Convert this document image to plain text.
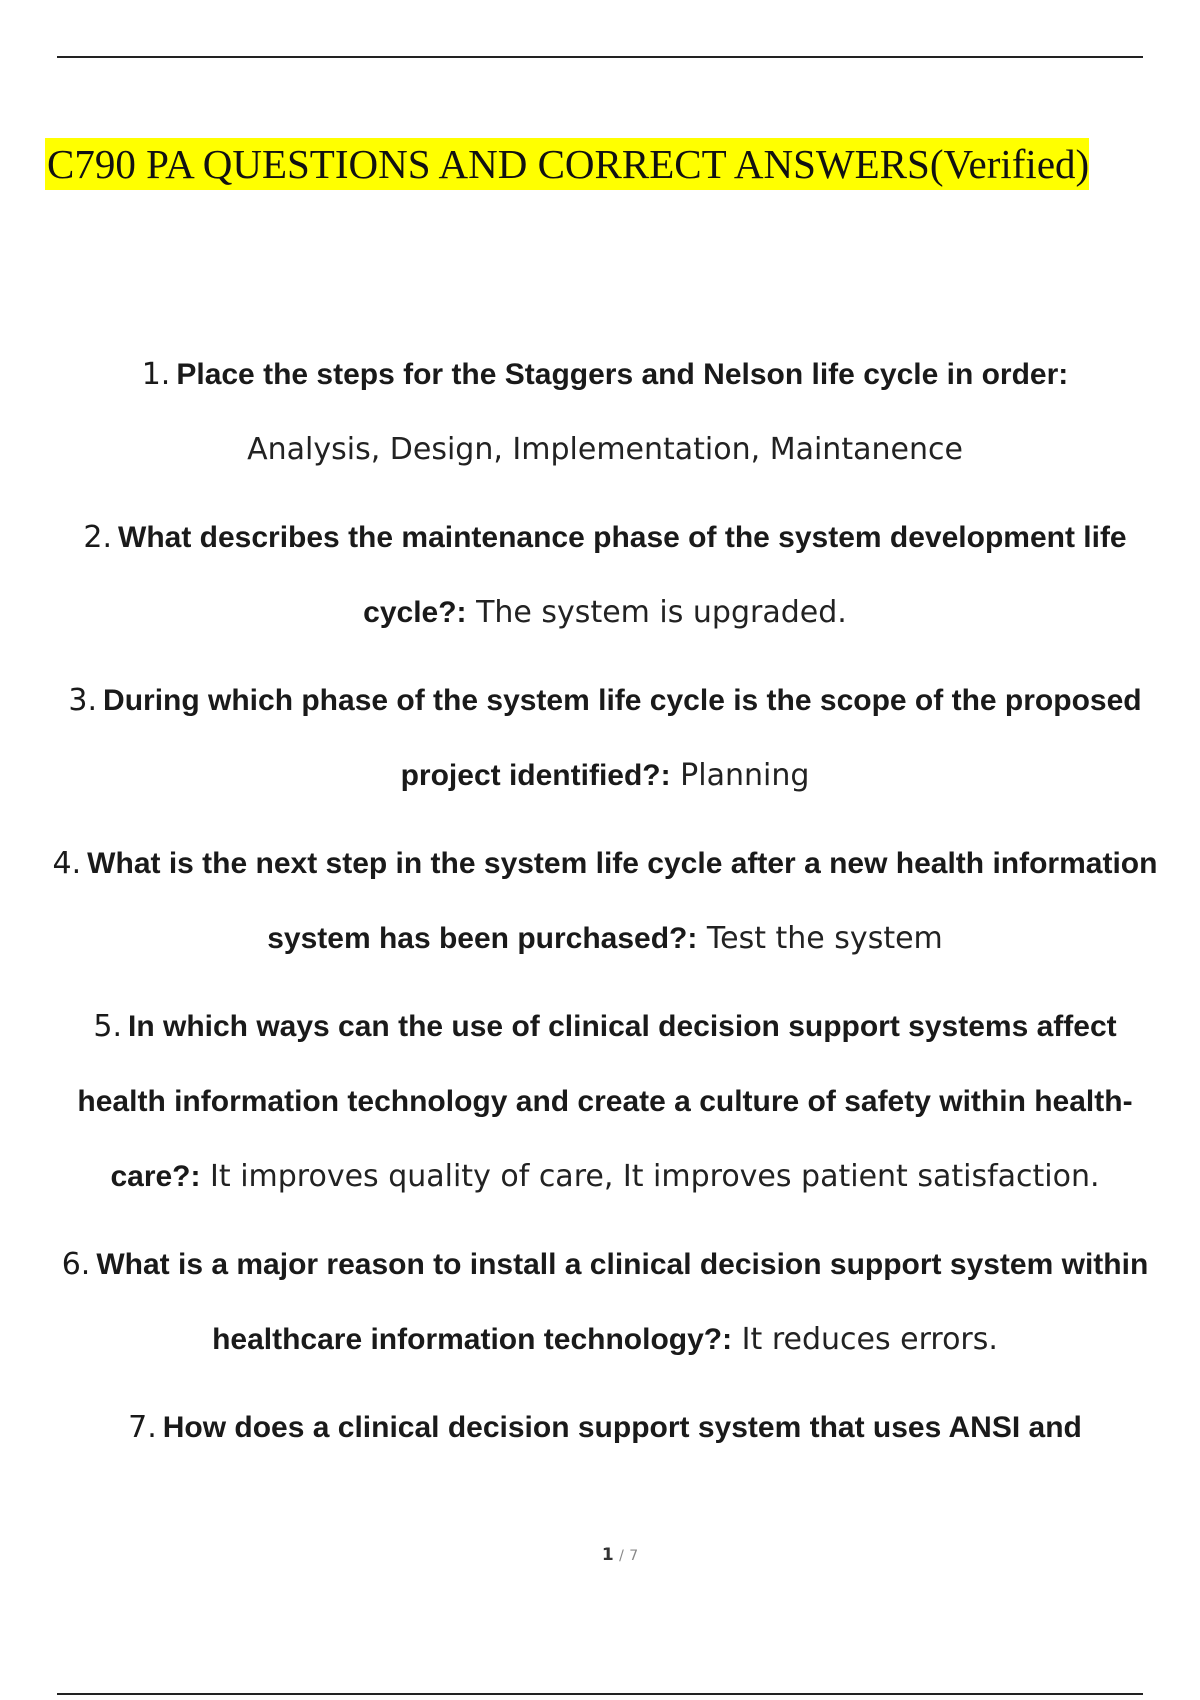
C790 PA QUESTIONS AND CORRECT ANSWERS(Verified)
1. Place the steps for the Staggers and Nelson life cycle in order:
Analysis, Design, Implementation, Maintanence
2. What describes the maintenance phase of the system development life cycle?: The system is upgraded.
3. During which phase of the system life cycle is the scope of the proposed project identified?: Planning
4. What is the next step in the system life cycle after a new health information system has been purchased?: Test the system
5. In which ways can the use of clinical decision support systems affect health information technology and create a culture of safety within health- care?: It improves quality of care, It improves patient satisfaction.
6. What is a major reason to install a clinical decision support system within healthcare information technology?: It reduces errors.
7. How does a clinical decision support system that uses ANSI and
1 / 7
